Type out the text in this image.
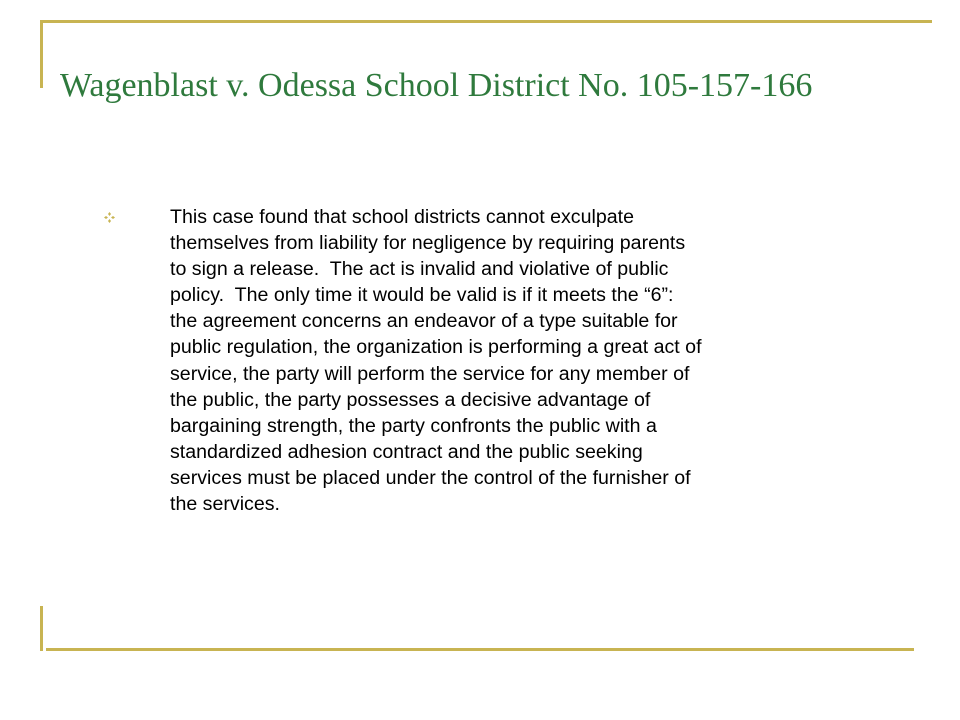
Wagenblast v. Odessa School District No. 105-157-166

This case found that school districts cannot exculpate
themselves from liability for negligence by requiring parents
to sign a release.  The act is invalid and violative of public
policy.  The only time it would be valid is if it meets the “6”:
the agreement concerns an endeavor of a type suitable for
public regulation, the organization is performing a great act of
service, the party will perform the service for any member of
the public, the party possesses a decisive advantage of
bargaining strength, the party confronts the public with a
standardized adhesion contract and the public seeking
services must be placed under the control of the furnisher of
the services.
